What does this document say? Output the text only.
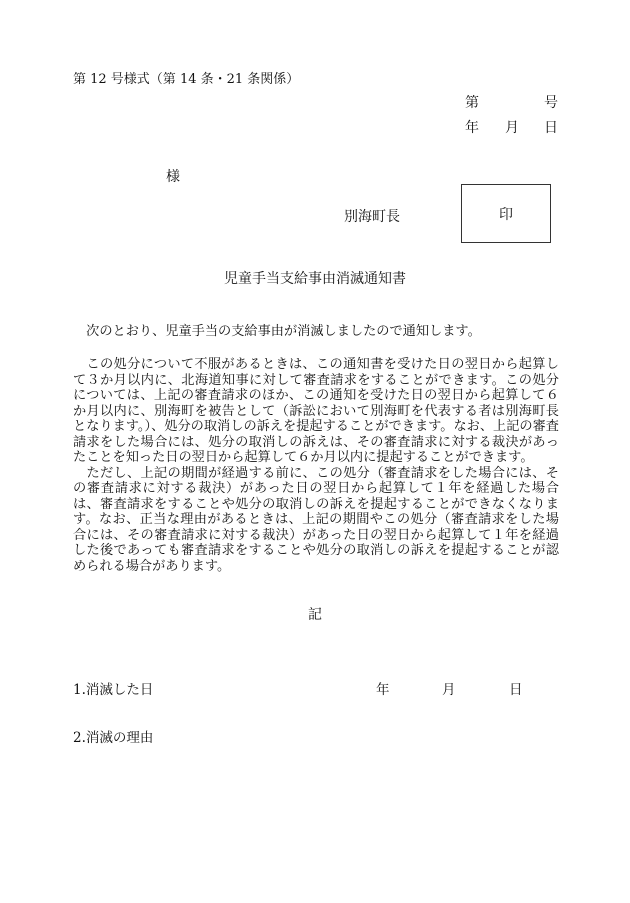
第 12 号様式（第 14 条・21 条関係）
第	号
年 月 日
様
別海町長	印
児童手当支給事由消滅通知書
　次のとおり、児童手当の支給事由が消滅しましたので通知します。
　この処分について不服があるときは、この通知書を受けた日の翌日から起算して３か月以内に、北海道知事に対して審査請求をすることができます。この処分については、上記の審査請求のほか、この通知を受けた日の翌日から起算して６か月以内に、別海町を被告として（訴訟において別海町を代表する者は別海町長となります。）、処分の取消しの訴えを提起することができます。なお、上記の審査請求をした場合には、処分の取消しの訴えは、その審査請求に対する裁決があったことを知った日の翌日から起算して６か月以内に提起することができます。
　ただし、上記の期間が経過する前に、この処分（審査請求をした場合には、その審査請求に対する裁決）があった日の翌日から起算して１年を経過した場合は、審査請求をすることや処分の取消しの訴えを提起することができなくなります。なお、正当な理由があるときは、上記の期間やこの処分（審査請求をした場合には、その審査請求に対する裁決）があった日の翌日から起算して１年を経過した後であっても審査請求をすることや処分の取消しの訴えを提起することが認められる場合があります。
記
1.消滅した日	年	月	日
2.消滅の理由
